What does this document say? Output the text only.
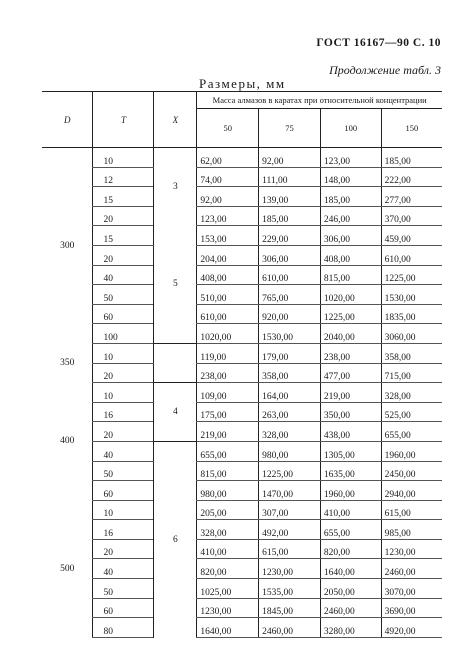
ГОСТ 16167—90 С. 10
Продолжение табл. 3
Размеры, мм
D	T	X	Масса алмазов в каратах при относительной концентрации			
			50	75	100	150
300	10	3	62,00	92,00	123,00	185,00
	12		74,00	111,00	148,00	222,00
	15		92,00	139,00	185,00	277,00
	20		123,00	185,00	246,00	370,00
	15	5	153,00	229,00	306,00	459,00
	20		204,00	306,00	408,00	610,00
	40		408,00	610,00	815,00	1225,00
	50		510,00	765,00	1020,00	1530,00
	60		610,00	920,00	1225,00	1835,00
	100		1020,00	1530,00	2040,00	3060,00
350	10		119,00	179,00	238,00	358,00
	20		238,00	358,00	477,00	715,00
400	10	4	109,00	164,00	219,00	328,00
	16		175,00	263,00	350,00	525,00
	20		219,00	328,00	438,00	655,00
	40	6	655,00	980,00	1305,00	1960,00
	50		815,00	1225,00	1635,00	2450,00
	60		980,00	1470,00	1960,00	2940,00
500	10		205,00	307,00	410,00	615,00
	16		328,00	492,00	655,00	985,00
	20		410,00	615,00	820,00	1230,00
	40		820,00	1230,00	1640,00	2460,00
	50		1025,00	1535,00	2050,00	3070,00
	60		1230,00	1845,00	2460,00	3690,00
	80		1640,00	2460,00	3280,00	4920,00
